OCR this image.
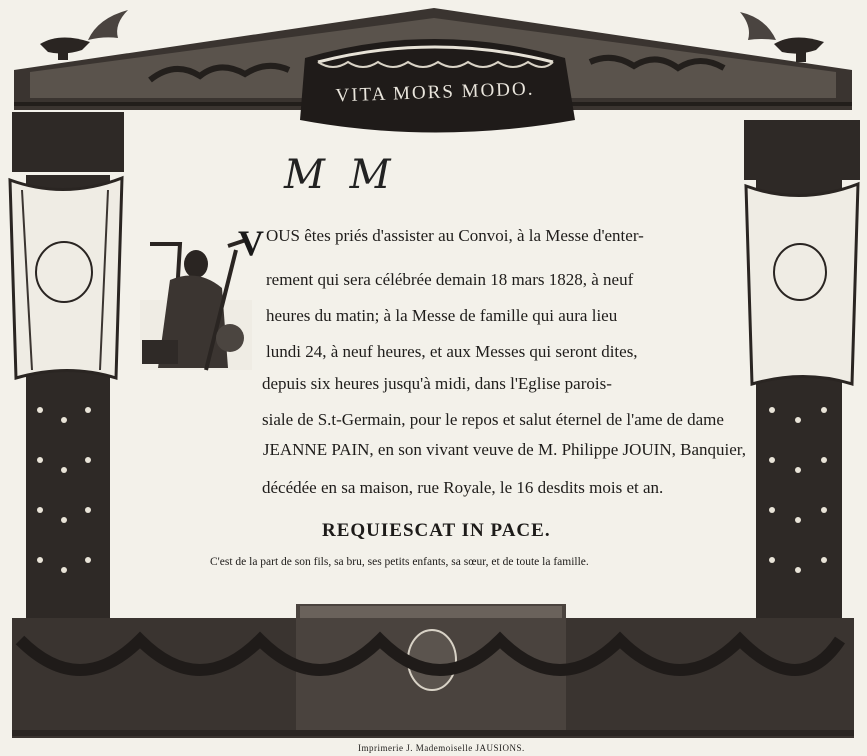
VITA MORS MODO.
M M
V OUS êtes priés d'assister au Convoi, à la Messe d'enter-
rement qui sera célébrée demain 18 mars 1828, à neuf
heures du matin; à la Messe de famille qui aura lieu
lundi 24, à neuf heures, et aux Messes qui seront dites,
depuis six heures jusqu'à midi, dans l'Eglise parois-
siale de S.t-Germain, pour le repos et salut éternel de l'ame de dame
JEANNE PAIN, en son vivant veuve de M. Philippe JOUIN, Banquier,
décédée en sa maison, rue Royale, le 16 desdits mois et an.
REQUIESCAT IN PACE.
C'est de la part de son fils, sa bru, ses petits enfants, sa sœur, et de toute la famille.
Imprimerie J. Mademoiselle JAUSIONS.
